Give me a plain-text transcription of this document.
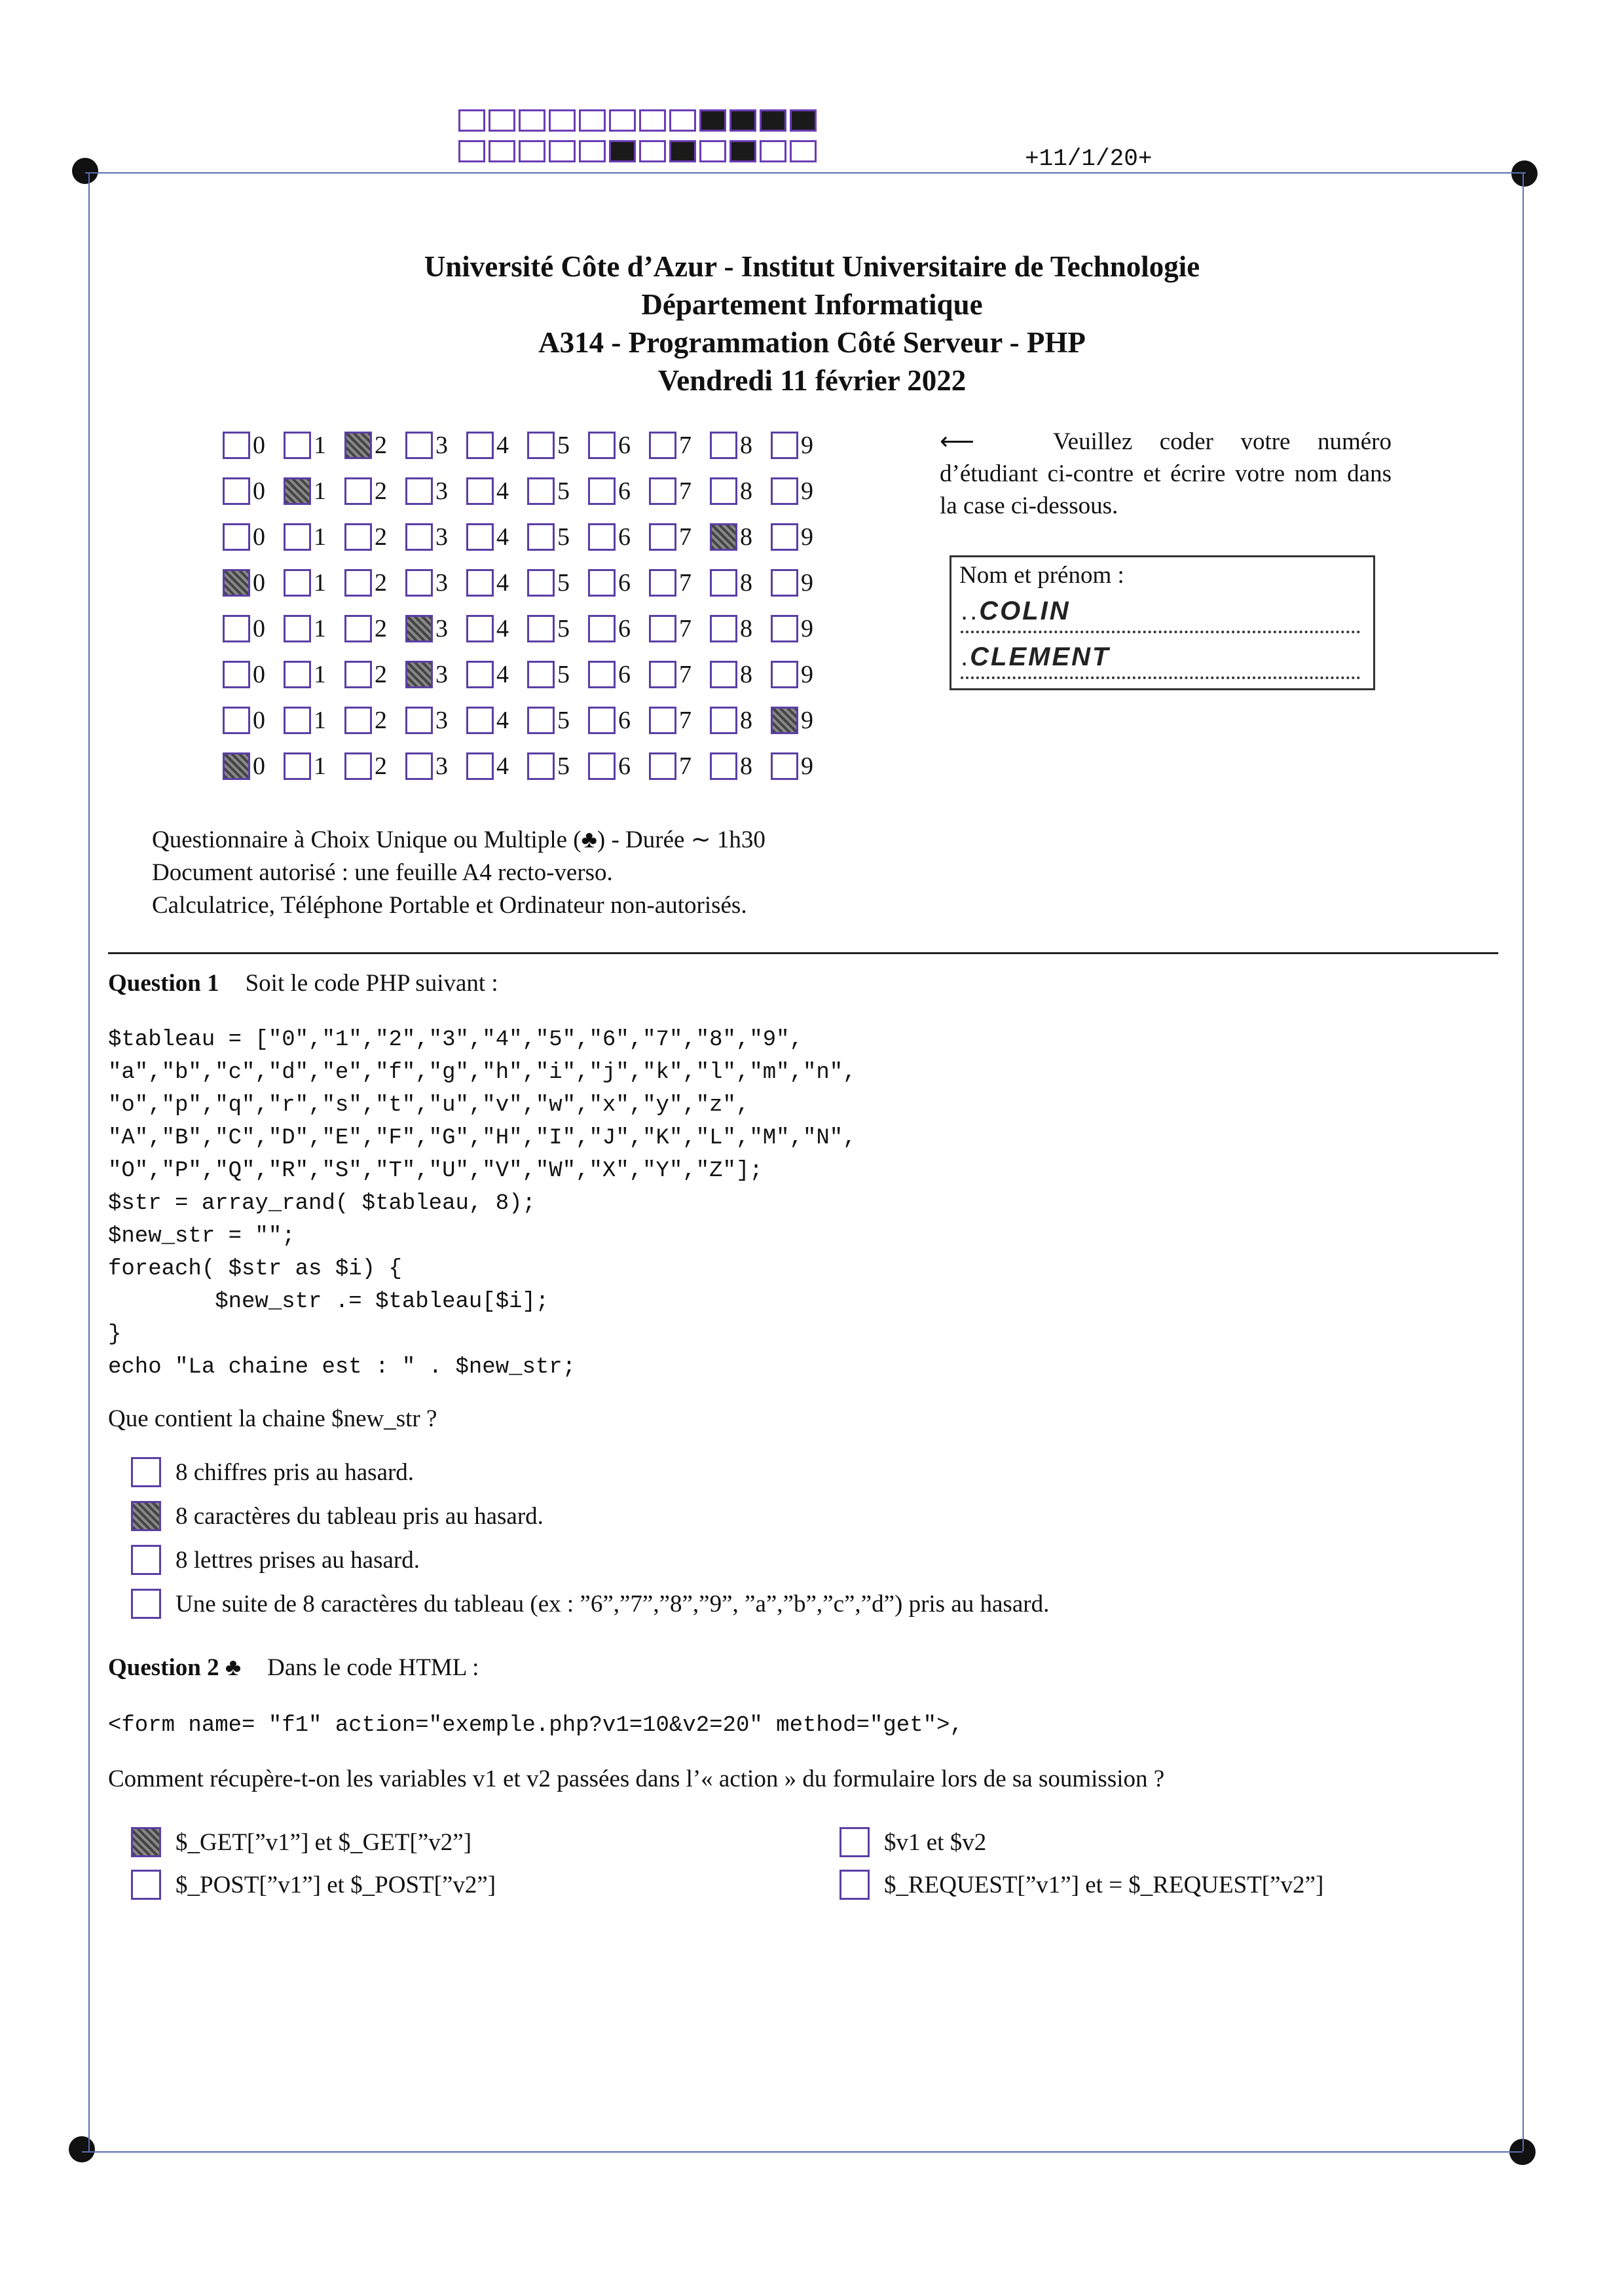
+11/1/20+
Université Côte d’Azur - Institut Universitaire de Technologie
Département Informatique
A314 - Programmation Côté Serveur - PHP
Vendredi 11 février 2022
0 1 2 3 4 5 6 7 8 9
0 1 2 3 4 5 6 7 8 9
0 1 2 3 4 5 6 7 8 9
0 1 2 3 4 5 6 7 8 9
0 1 2 3 4 5 6 7 8 9
0 1 2 3 4 5 6 7 8 9
0 1 2 3 4 5 6 7 8 9
0 1 2 3 4 5 6 7 8 9
⟵	Veuillez coder votre numéro d’étudiant ci-contre et écrire votre nom dans la case ci-dessous.
Nom et prénom :
..COLIN
.CLEMENT
Questionnaire à Choix Unique ou Multiple (♣) - Durée ∼ 1h30
Document autorisé : une feuille A4 recto-verso.
Calculatrice, Téléphone Portable et Ordinateur non-autorisés.
Question 1 Soit le code PHP suivant :
$tableau = ["0","1","2","3","4","5","6","7","8","9",
"a","b","c","d","e","f","g","h","i","j","k","l","m","n",
"o","p","q","r","s","t","u","v","w","x","y","z",
"A","B","C","D","E","F","G","H","I","J","K","L","M","N",
"O","P","Q","R","S","T","U","V","W","X","Y","Z"];
$str = array_rand( $tableau, 8);
$new_str = "";
foreach( $str as $i) {
$new_str .= $tableau[$i];
}
echo "La chaine est : " . $new_str;
Que contient la chaine $new_str ?
8 chiffres pris au hasard.
8 caractères du tableau pris au hasard.
8 lettres prises au hasard.
Une suite de 8 caractères du tableau (ex : ”6”,”7”,”8”,”9”, ”a”,”b”,”c”,”d”) pris au hasard.
Question 2 ♣ Dans le code HTML :
<form name= "f1" action="exemple.php?v1=10&v2=20" method="get">,
Comment récupère-t-on les variables v1 et v2 passées dans l’« action » du formulaire lors de sa soumission ?
$_GET[”v1”] et $_GET[”v2”]	$v1 et $v2
$_POST[”v1”] et $_POST[”v2”]	$_REQUEST[”v1”] et = $_REQUEST[”v2”]
